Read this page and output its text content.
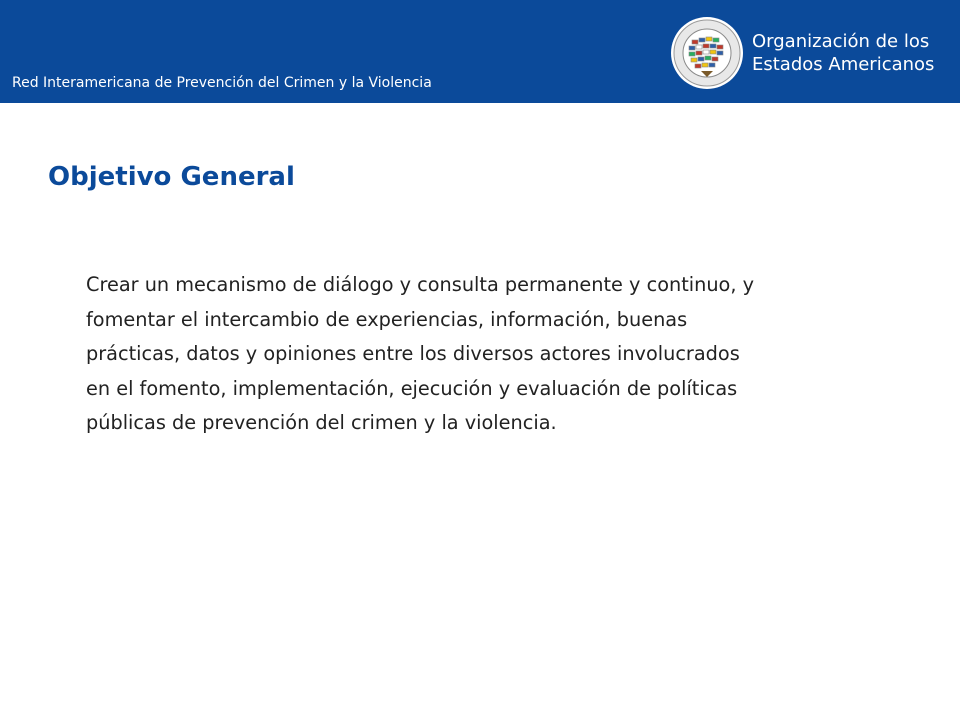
Red Interamericana de Prevención del Crimen y la Violencia
Organización de los
Estados Americanos
Objetivo General

Crear un mecanismo de diálogo y consulta permanente y continuo, y
fomentar el intercambio de experiencias, información, buenas
prácticas, datos y opiniones entre los diversos actores involucrados
en el fomento, implementación, ejecución y evaluación de políticas
públicas de prevención del crimen y la violencia.
